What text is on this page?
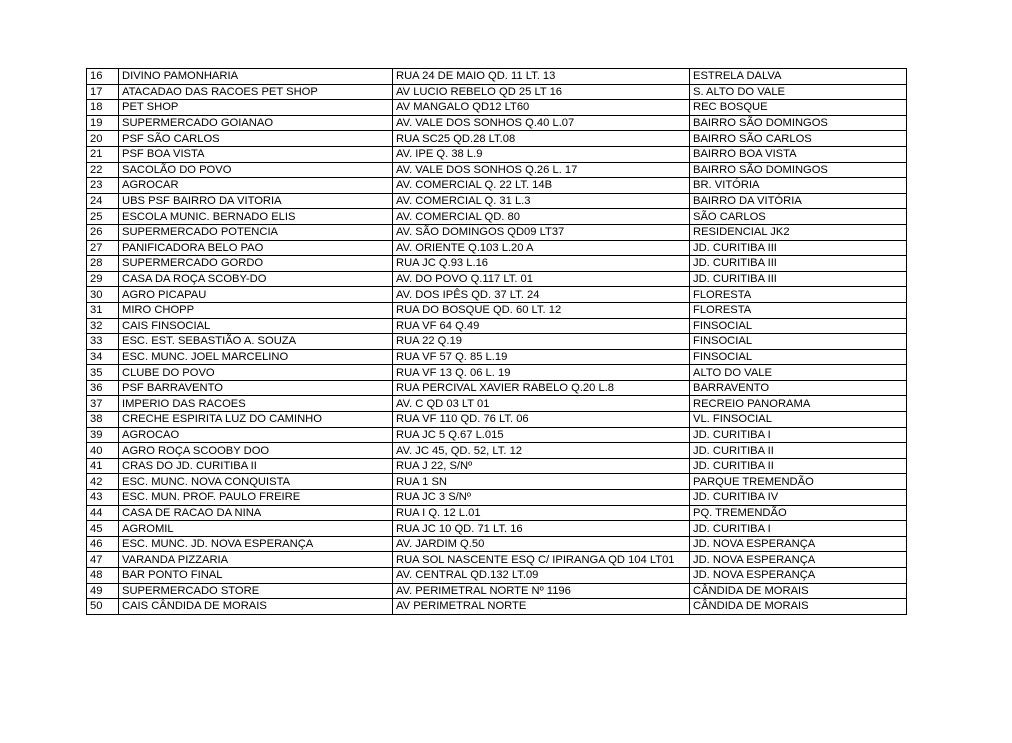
16	DIVINO PAMONHARIA	RUA 24 DE MAIO QD. 11 LT. 13	ESTRELA DALVA
17	ATACADAO DAS RACOES PET SHOP	AV LUCIO REBELO QD 25 LT 16	S. ALTO DO VALE
18	PET SHOP	AV MANGALO QD12 LT60	REC BOSQUE
19	SUPERMERCADO GOIANAO	AV. VALE DOS SONHOS Q.40 L.07	BAIRRO SÃO DOMINGOS
20	PSF SÃO CARLOS	RUA SC25 QD.28 LT.08	BAIRRO SÃO CARLOS
21	PSF BOA VISTA	AV. IPE Q. 38 L.9	BAIRRO BOA VISTA
22	SACOLÃO DO POVO	AV. VALE DOS SONHOS Q.26 L. 17	BAIRRO SÃO DOMINGOS
23	AGROCAR	AV. COMERCIAL Q. 22 LT. 14B	BR. VITÓRIA
24	UBS PSF BAIRRO DA VITORIA	AV. COMERCIAL Q. 31 L.3	BAIRRO DA VITÓRIA
25	ESCOLA MUNIC. BERNADO ELIS	AV. COMERCIAL QD. 80	SÃO CARLOS
26	SUPERMERCADO POTENCIA	AV. SÃO DOMINGOS QD09 LT37	RESIDENCIAL JK2
27	PANIFICADORA BELO PAO	AV. ORIENTE Q.103 L.20 A	JD. CURITIBA III
28	SUPERMERCADO GORDO	RUA JC Q.93 L.16	JD. CURITIBA III
29	CASA DA ROÇA SCOBY-DO	AV. DO POVO Q.117 LT. 01	JD. CURITIBA III
30	AGRO PICAPAU	AV. DOS IPÊS QD. 37 LT. 24	FLORESTA
31	MIRO CHOPP	RUA DO BOSQUE QD. 60 LT. 12	FLORESTA
32	CAIS FINSOCIAL	RUA VF 64 Q.49	FINSOCIAL
33	ESC. EST. SEBASTIÃO A. SOUZA	RUA 22 Q.19	FINSOCIAL
34	ESC. MUNC. JOEL MARCELINO	RUA VF 57 Q. 85 L.19	FINSOCIAL
35	CLUBE DO POVO	RUA VF 13 Q. 06 L. 19	ALTO DO VALE
36	PSF BARRAVENTO	RUA PERCIVAL XAVIER RABELO Q.20 L.8	BARRAVENTO
37	IMPERIO DAS RACOES	AV. C QD 03 LT 01	RECREIO PANORAMA
38	CRECHE ESPIRITA LUZ DO CAMINHO	RUA VF 110 QD. 76 LT. 06	VL. FINSOCIAL
39	AGROCAO	RUA JC 5 Q.67 L.015	JD. CURITIBA I
40	AGRO ROÇA SCOOBY DOO	AV. JC 45, QD. 52, LT. 12	JD. CURITIBA II
41	CRAS DO JD. CURITIBA II	RUA J 22, S/Nº	JD. CURITIBA II
42	ESC. MUNC. NOVA CONQUISTA	RUA 1 SN	PARQUE TREMENDÃO
43	ESC. MUN. PROF. PAULO FREIRE	RUA JC 3 S/Nº	JD. CURITIBA IV
44	CASA DE RACAO DA NINA	RUA I Q. 12 L.01	PQ. TREMENDÃO
45	AGROMIL	RUA JC 10 QD. 71 LT. 16	JD. CURITIBA I
46	ESC. MUNC. JD. NOVA ESPERANÇA	AV. JARDIM Q.50	JD. NOVA ESPERANÇA
47	VARANDA PIZZARIA	RUA SOL NASCENTE ESQ C/ IPIRANGA QD 104 LT01	JD. NOVA ESPERANÇA
48	BAR PONTO FINAL	AV. CENTRAL QD.132 LT.09	JD. NOVA ESPERANÇA
49	SUPERMERCADO STORE	AV. PERIMETRAL NORTE Nº 1196	CÂNDIDA DE MORAIS
50	CAIS CÂNDIDA DE MORAIS	AV PERIMETRAL NORTE	CÂNDIDA DE MORAIS
